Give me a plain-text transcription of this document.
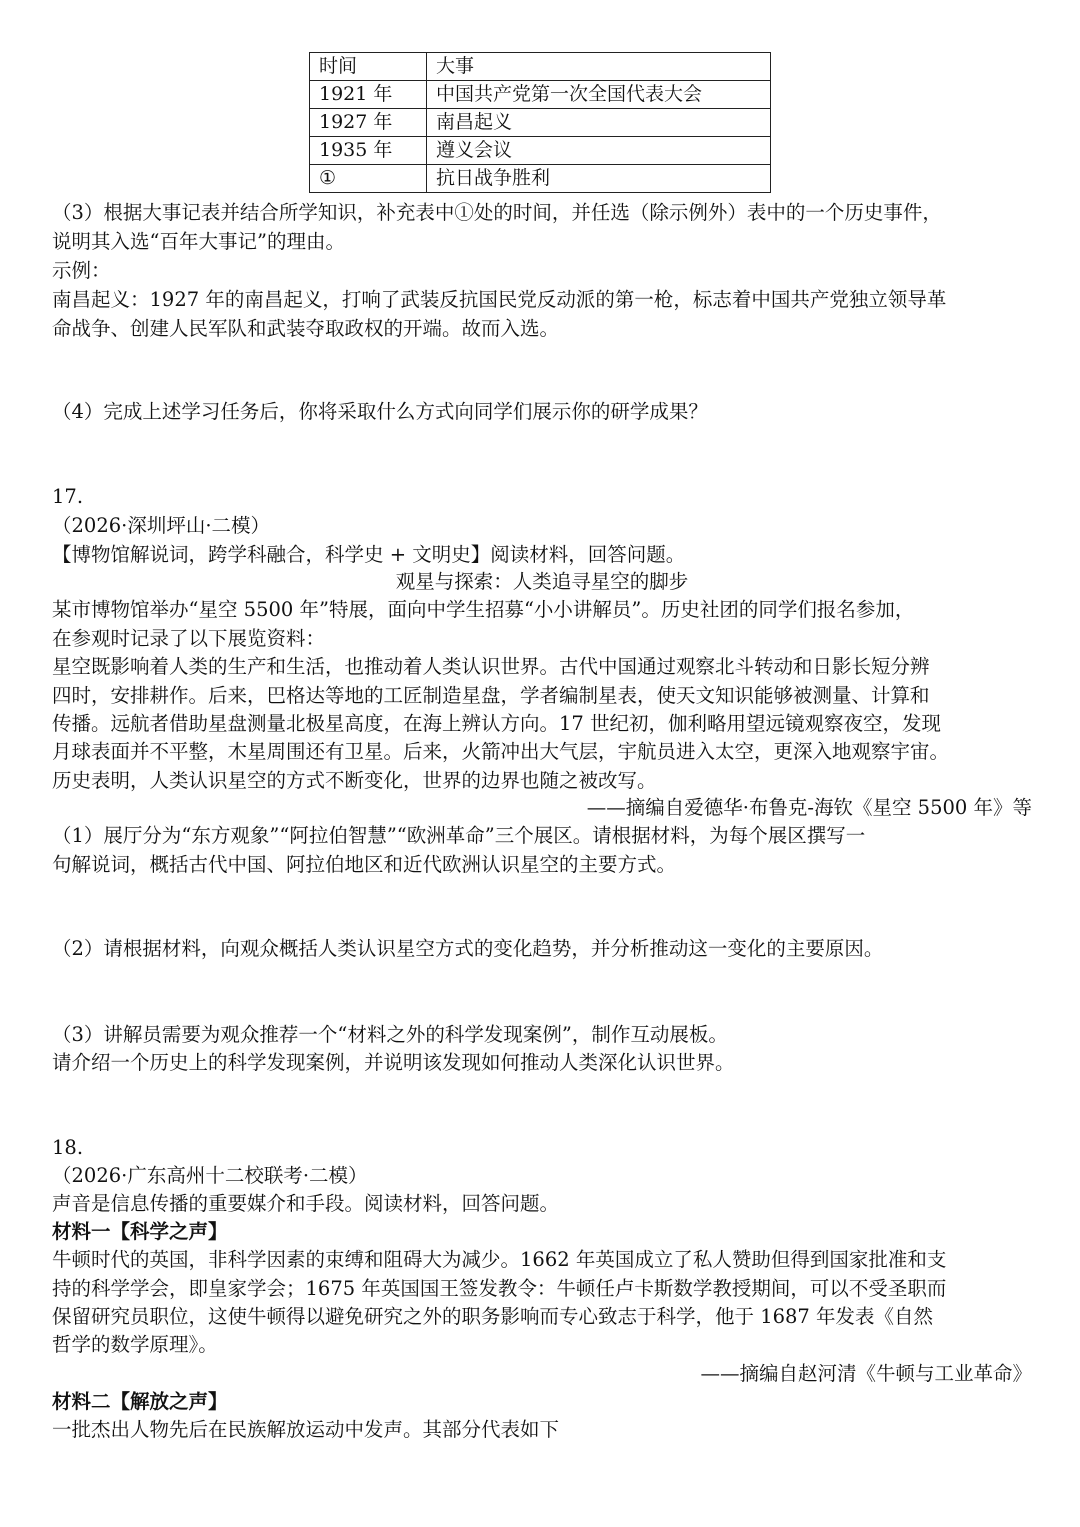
时间	大事
1921 年	中国共产党第一次全国代表大会
1927 年	南昌起义
1935 年	遵义会议
①	抗日战争胜利
（3）根据大事记表并结合所学知识，补充表中①处的时间，并任选（除示例外）表中的一个历史事件，
说明其入选“百年大事记”的理由。
示例：
南昌起义：1927 年的南昌起义，打响了武装反抗国民党反动派的第一枪，标志着中国共产党独立领导革
命战争、创建人民军队和武装夺取政权的开端。故而入选。
（4）完成上述学习任务后，你将采取什么方式向同学们展示你的研学成果？
17.
（2026·深圳坪山·二模）
【博物馆解说词，跨学科融合，科学史 + 文明史】阅读材料，回答问题。
观星与探索：人类追寻星空的脚步
某市博物馆举办“星空 5500 年”特展，面向中学生招募“小小讲解员”。历史社团的同学们报名参加，
在参观时记录了以下展览资料：
星空既影响着人类的生产和生活，也推动着人类认识世界。古代中国通过观察北斗转动和日影长短分辨
四时，安排耕作。后来，巴格达等地的工匠制造星盘，学者编制星表，使天文知识能够被测量、计算和
传播。远航者借助星盘测量北极星高度，在海上辨认方向。17 世纪初，伽利略用望远镜观察夜空，发现
月球表面并不平整，木星周围还有卫星。后来，火箭冲出大气层，宇航员进入太空，更深入地观察宇宙。
历史表明，人类认识星空的方式不断变化，世界的边界也随之被改写。
——摘编自爱德华·布鲁克-海钦《星空 5500 年》等
（1）展厅分为“东方观象”“阿拉伯智慧”“欧洲革命”三个展区。请根据材料，为每个展区撰写一
句解说词，概括古代中国、阿拉伯地区和近代欧洲认识星空的主要方式。
（2）请根据材料，向观众概括人类认识星空方式的变化趋势，并分析推动这一变化的主要原因。
（3）讲解员需要为观众推荐一个“材料之外的科学发现案例”，制作互动展板。
请介绍一个历史上的科学发现案例，并说明该发现如何推动人类深化认识世界。
18.
（2026·广东高州十二校联考·二模）
声音是信息传播的重要媒介和手段。阅读材料，回答问题。
材料一【科学之声】
牛顿时代的英国，非科学因素的束缚和阻碍大为减少。1662 年英国成立了私人赞助但得到国家批准和支
持的科学学会，即皇家学会；1675 年英国国王签发教令：牛顿任卢卡斯数学教授期间，可以不受圣职而
保留研究员职位，这使牛顿得以避免研究之外的职务影响而专心致志于科学，他于 1687 年发表《自然
哲学的数学原理》。
——摘编自赵河清《牛顿与工业革命》
材料二【解放之声】
一批杰出人物先后在民族解放运动中发声。其部分代表如下
